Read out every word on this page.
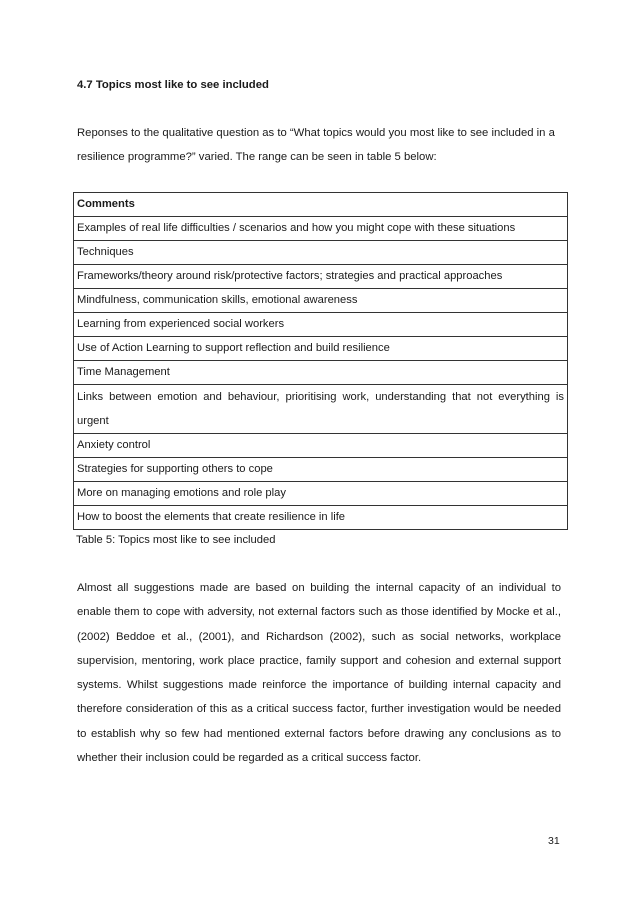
4.7 Topics most like to see included

Reponses to the qualitative question as to “What topics would you most like to see included in a resilience programme?” varied. The range can be seen in table 5 below:

Comments
Examples of real life difficulties / scenarios and how you might cope with these situations
Techniques
Frameworks/theory around risk/protective factors; strategies and practical approaches
Mindfulness, communication skills, emotional awareness
Learning from experienced social workers
Use of Action Learning to support reflection and build resilience
Time Management
Links between emotion and behaviour, prioritising work, understanding that not everything is urgent
Anxiety control
Strategies for supporting others to cope
More on managing emotions and role play
How to boost the elements that create resilience in life
Table 5: Topics most like to see included

Almost all suggestions made are based on building the internal capacity of an individual to enable them to cope with adversity, not external factors such as those identified by Mocke et al., (2002) Beddoe et al., (2001), and Richardson (2002), such as social networks, workplace supervision, mentoring, work place practice, family support and cohesion and external support systems. Whilst suggestions made reinforce the importance of building internal capacity and therefore consideration of this as a critical success factor, further investigation would be needed to establish why so few had mentioned external factors before drawing any conclusions as to whether their inclusion could be regarded as a critical success factor.

31
